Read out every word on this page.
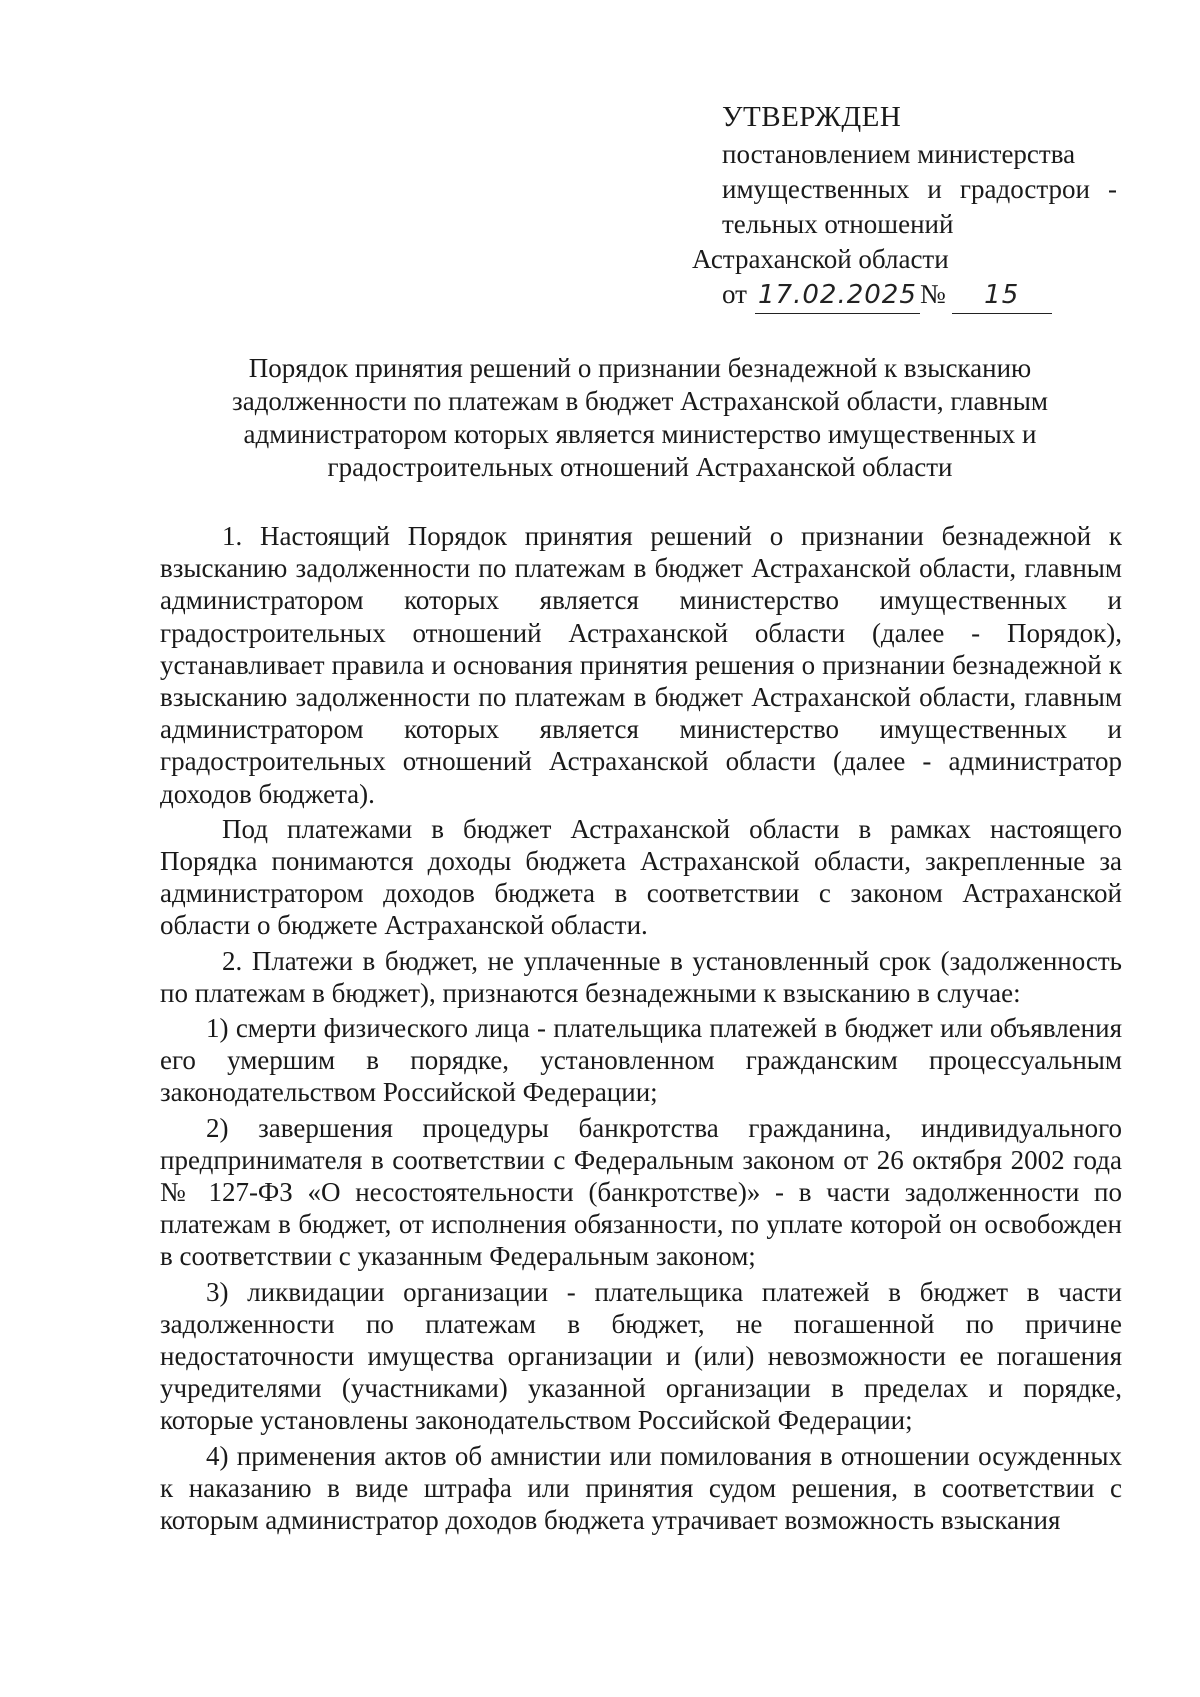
УТВЕРЖДЕН
постановлением министерства
имущественных и градострои -
тельных отношений
Астраханской области
от 17.02.2025 №	15
Порядок принятия решений о признании безнадежной к взысканию задолженности по платежам в бюджет Астраханской области, главным администратором которых является министерство имущественных и градостроительных отношений Астраханской области

1. Настоящий Порядок принятия решений о признании безнадежной к взысканию задолженности по платежам в бюджет Астраханской области, главным администратором которых является министерство имущественных и градостроительных отношений Астраханской области (далее - Порядок), устанавливает правила и основания принятия решения о признании безнадежной к взысканию задолженности по платежам в бюджет Астраханской области, главным администратором которых является министерство имущественных и градостроительных отношений Астраханской области (далее - администратор доходов бюджета).

Под платежами в бюджет Астраханской области в рамках настоящего Порядка понимаются доходы бюджета Астраханской области, закрепленные за администратором доходов бюджета в соответствии с законом Астраханской области о бюджете Астраханской области.

2. Платежи в бюджет, не уплаченные в установленный срок (задолженность по платежам в бюджет), признаются безнадежными к взысканию в случае:

1) смерти физического лица - плательщика платежей в бюджет или объявления его умершим в порядке, установленном гражданским процессуальным законодательством Российской Федерации;

2) завершения процедуры банкротства гражданина, индивидуального предпринимателя в соответствии с Федеральным законом от 26 октября 2002 года № 127-ФЗ «О несостоятельности (банкротстве)» - в части задолженности по платежам в бюджет, от исполнения обязанности, по уплате которой он освобожден в соответствии с указанным Федеральным законом;

3) ликвидации организации - плательщика платежей в бюджет в части задолженности по платежам в бюджет, не погашенной по причине недостаточности имущества организации и (или) невозможности ее погашения учредителями (участниками) указанной организации в пределах и порядке, которые установлены законодательством Российской Федерации;

4) применения актов об амнистии или помилования в отношении осужденных к наказанию в виде штрафа или принятия судом решения, в соответствии с которым администратор доходов бюджета утрачивает возможность взыскания
